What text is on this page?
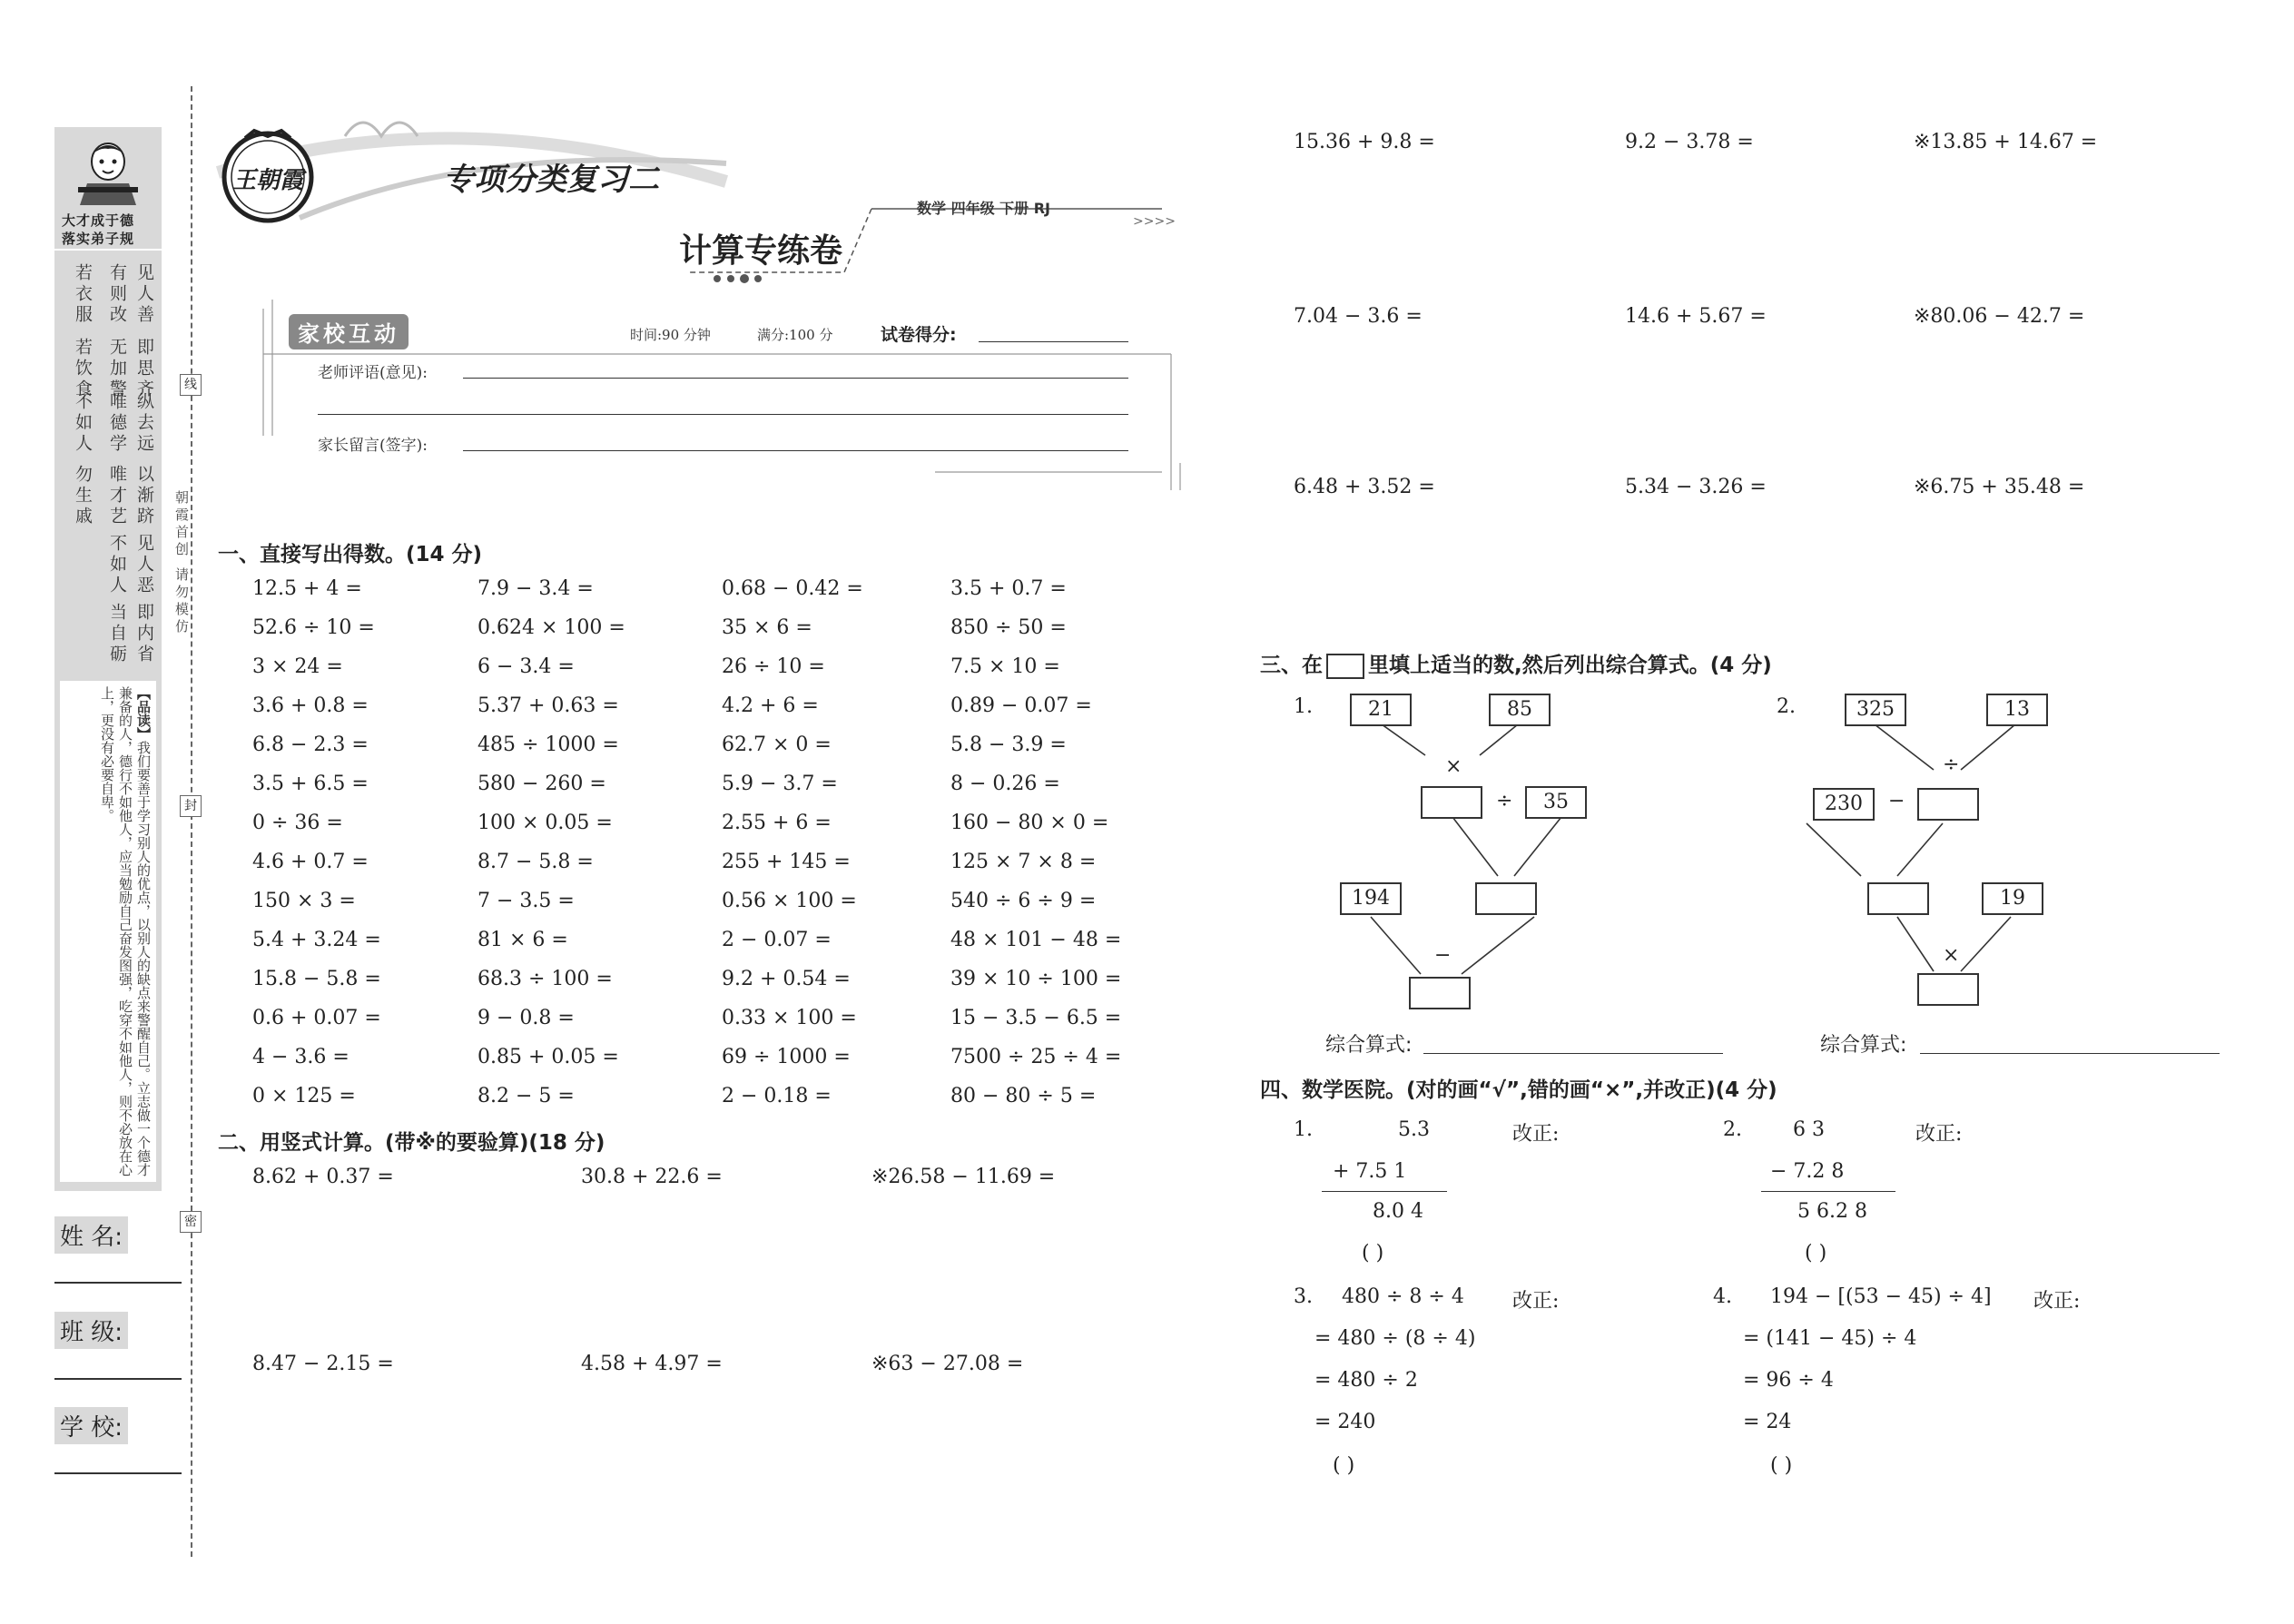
大才成于德
落实弟子规
见人善
即思齐
纵去远
以渐跻
见人恶
即内省
有则改
无加警
唯德学
唯才艺
不如人
当自砺
若衣服
若饮食
不如人
勿生戚
【品读】我们要善于学习别人的优点，以别人的缺点来警醒自己。立志做一个德才兼备的人，德行不如他人，应当勉励自己奋发图强，吃穿不如他人，则不必放在心上，更没有必要自卑。
姓 名:
班 级:
学 校:
线
封
密
朝霞首创 请勿模仿
王朝霞	专项分类复习二
数学 四年级 下册 RJ
>>>>
计算专练卷
家校互动	时间:90 分钟	满分:100 分	试卷得分:
老师评语(意见):
家长留言(签字):
一、直接写出得数。(14 分)
12.5 + 4 =	7.9 − 3.4 =	0.68 − 0.42 =	3.5 + 0.7 =
52.6 ÷ 10 =	0.624 × 100 =	35 × 6 =	850 ÷ 50 =
3 × 24 =	6 − 3.4 =	26 ÷ 10 =	7.5 × 10 =
3.6 + 0.8 =	5.37 + 0.63 =	4.2 + 6 =	0.89 − 0.07 =
6.8 − 2.3 =	485 ÷ 1000 =	62.7 × 0 =	5.8 − 3.9 =
3.5 + 6.5 =	580 − 260 =	5.9 − 3.7 =	8 − 0.26 =
0 ÷ 36 =	100 × 0.05 =	2.55 + 6 =	160 − 80 × 0 =
4.6 + 0.7 =	8.7 − 5.8 =	255 + 145 =	125 × 7 × 8 =
150 × 3 =	7 − 3.5 =	0.56 × 100 =	540 ÷ 6 ÷ 9 =
5.4 + 3.24 =	81 × 6 =	2 − 0.07 =	48 × 101 − 48 =
15.8 − 5.8 =	68.3 ÷ 100 =	9.2 + 0.54 =	39 × 10 ÷ 100 =
0.6 + 0.07 =	9 − 0.8 =	0.33 × 100 =	15 − 3.5 − 6.5 =
4 − 3.6 =	0.85 + 0.05 =	69 ÷ 1000 =	7500 ÷ 25 ÷ 4 =
0 × 125 =	8.2 − 5 =	2 − 0.18 =	80 − 80 ÷ 5 =
二、用竖式计算。(带※的要验算)(18 分)
8.62 + 0.37 =	30.8 + 22.6 =	※26.58 − 11.69 =
8.47 − 2.15 =	4.58 + 4.97 =	※63 − 27.08 =
15.36 + 9.8 =	9.2 − 3.78 =	※13.85 + 14.67 =
7.04 − 3.6 =	14.6 + 5.67 =	※80.06 − 42.7 =
6.48 + 3.52 =	5.34 − 3.26 =	※6.75 + 35.48 =
三、在 里填上适当的数,然后列出综合算式。(4 分)
1.	21	85
×
÷	35
194
−
综合算式:
2.	325	13
÷
230	−
19
×
综合算式:
四、数学医院。(对的画“√”,错的画“×”,并改正)(4 分)
1.	5.3	改正:
+ 7.5 1
8.0 4
( )
2.	6 3	改正:
− 7.2 8
5 6.2 8
( )
3. 480 ÷ 8 ÷ 4 改正:
= 480 ÷ (8 ÷ 4)
= 480 ÷ 2
= 240
( )
4. 194 − [(53 − 45) ÷ 4] 改正:
= (141 − 45) ÷ 4
= 96 ÷ 4
= 24
( )
